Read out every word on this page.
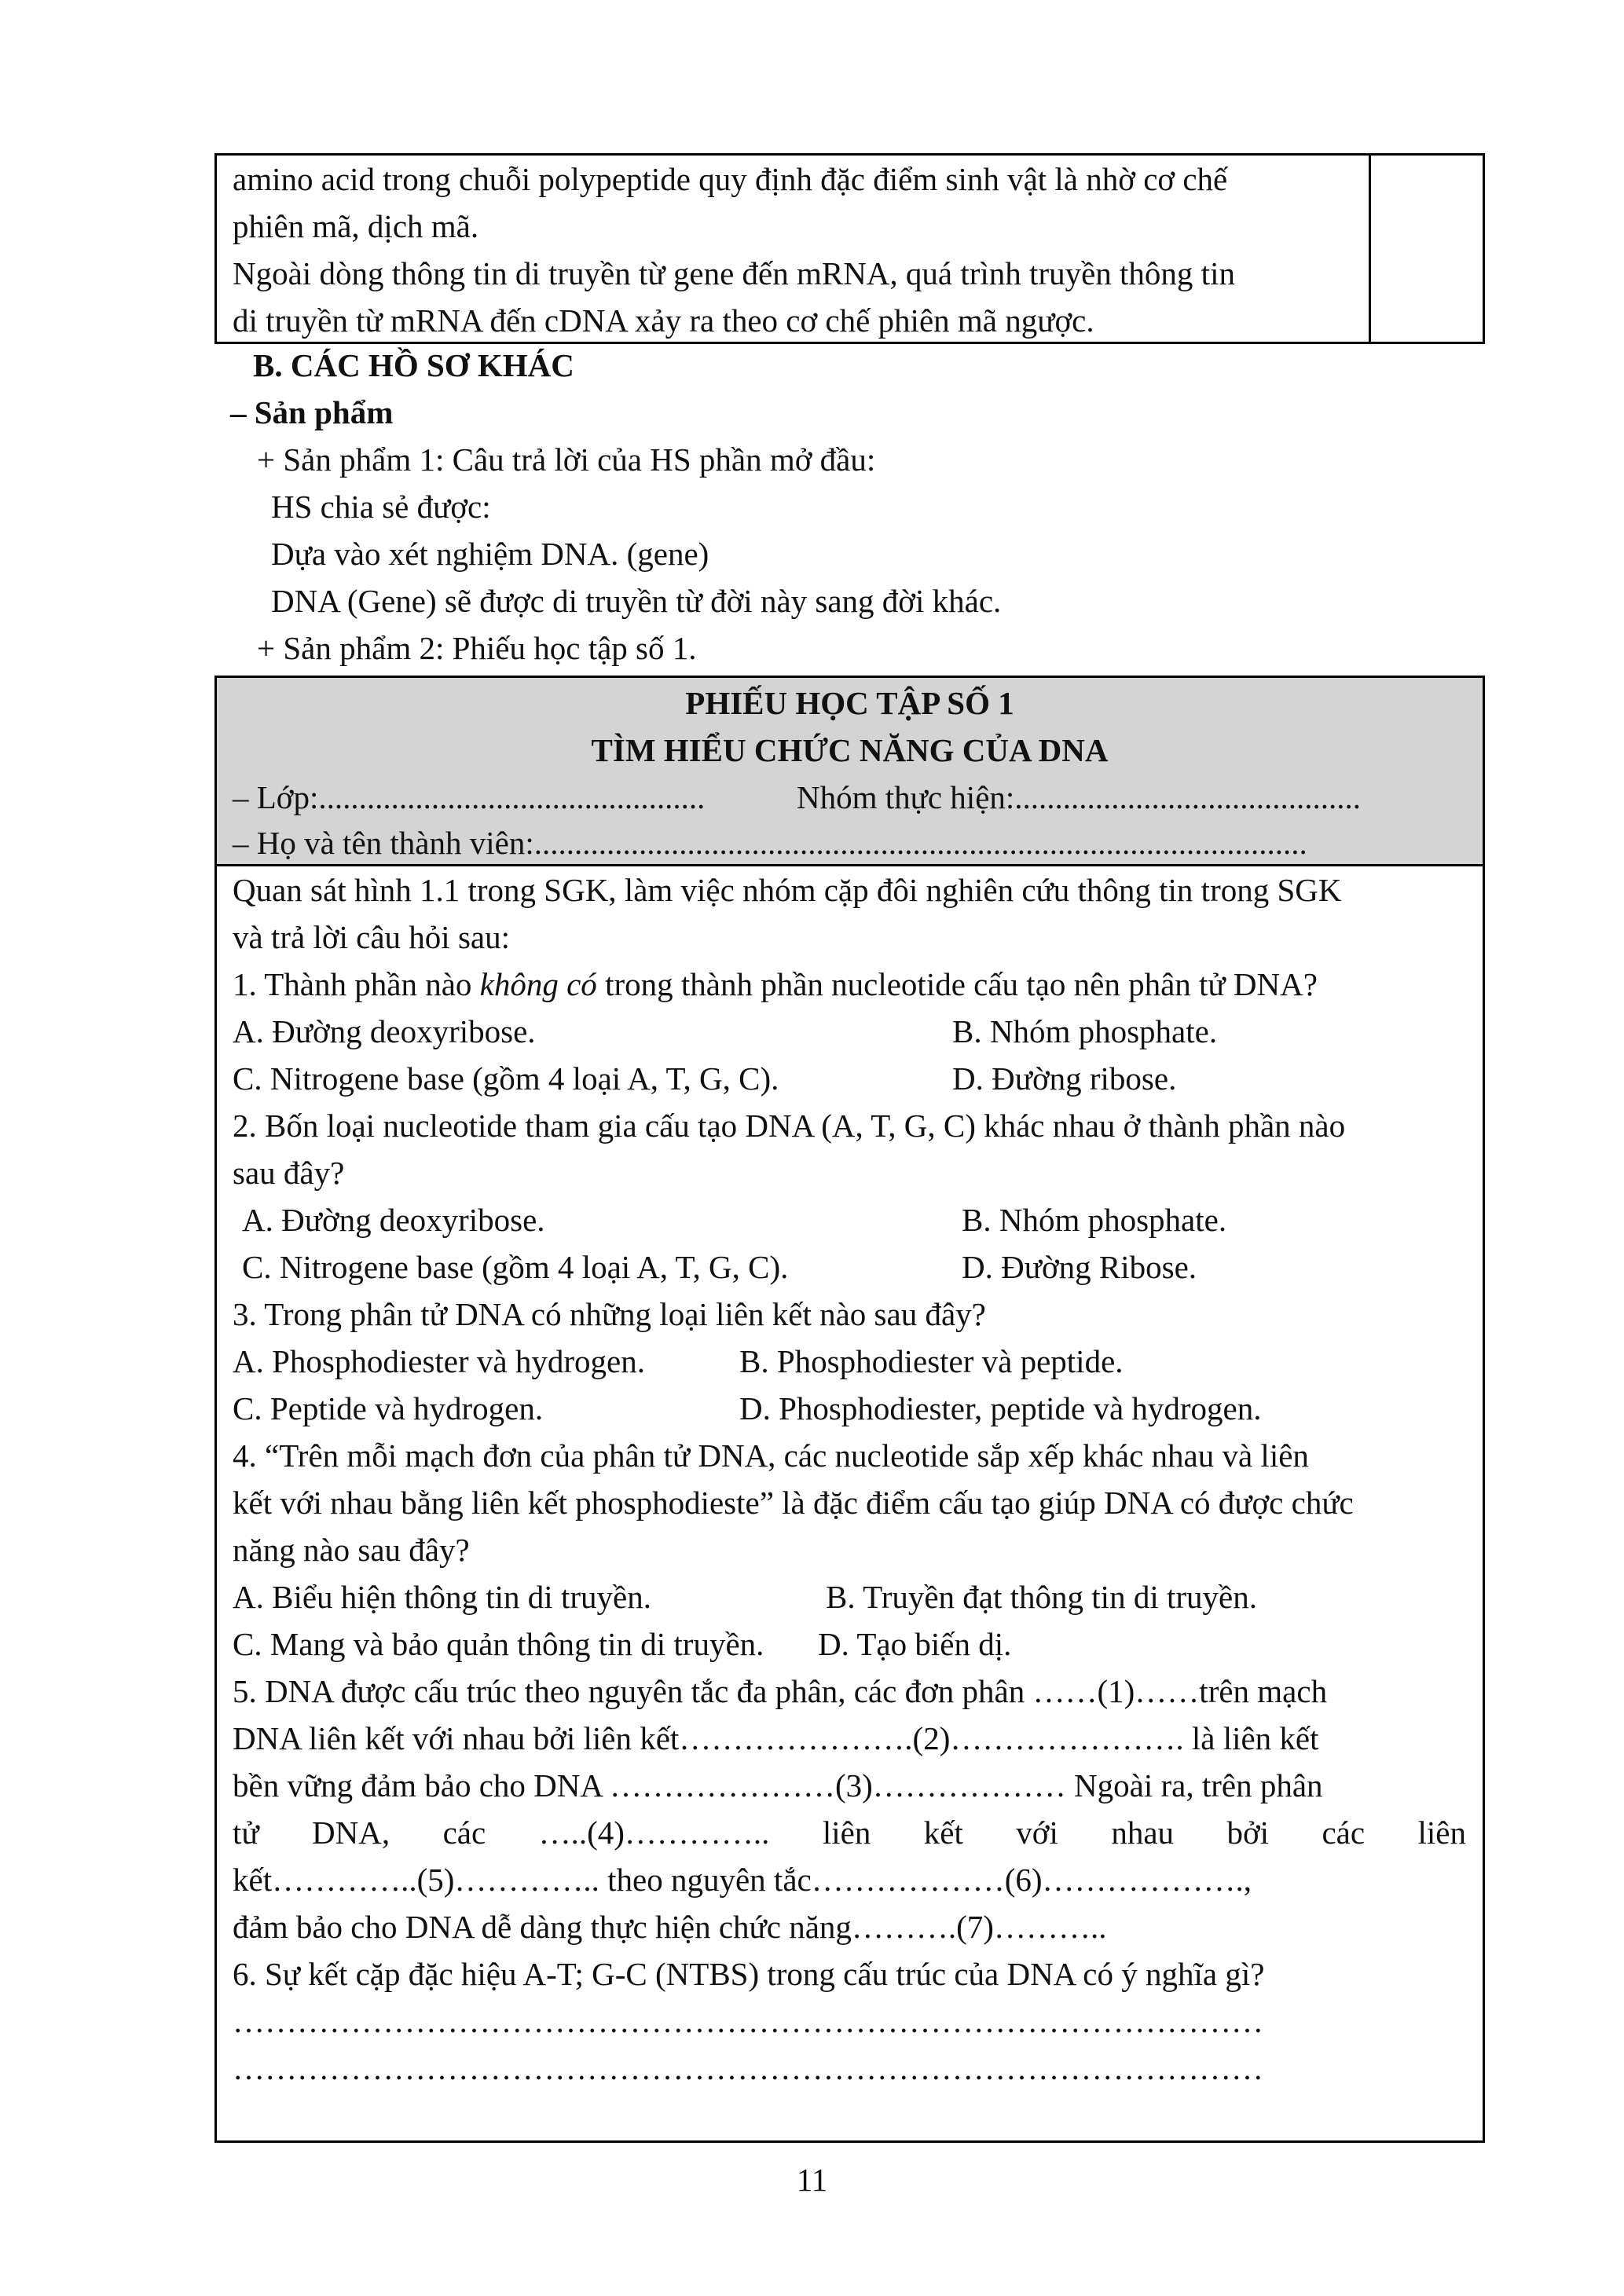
amino acid trong chuỗi polypeptide quy định đặc điểm sinh vật là nhờ cơ chế
phiên mã, dịch mã.
Ngoài dòng thông tin di truyền từ gene đến mRNA, quá trình truyền thông tin
di truyền từ mRNA đến cDNA xảy ra theo cơ chế phiên mã ngược.
B. CÁC HỒ SƠ KHÁC
– Sản phẩm
+ Sản phẩm 1: Câu trả lời của HS phần mở đầu:
HS chia sẻ được:
Dựa vào xét nghiệm DNA. (gene)
DNA (Gene) sẽ được di truyền từ đời này sang đời khác.
+ Sản phẩm 2: Phiếu học tập số 1.
PHIẾU HỌC TẬP SỐ 1
TÌM HIỂU CHỨC NĂNG CỦA DNA
– Lớp:................................................	Nhóm thực hiện:...........................................
– Họ và tên thành viên:................................................................................................
Quan sát hình 1.1 trong SGK, làm việc nhóm cặp đôi nghiên cứu thông tin trong SGK
và trả lời câu hỏi sau:
1. Thành phần nào không có trong thành phần nucleotide cấu tạo nên phân tử DNA?
A. Đường deoxyribose.	B. Nhóm phosphate.
C. Nitrogene base (gồm 4 loại A, T, G, C).	D. Đường ribose.
2. Bốn loại nucleotide tham gia cấu tạo DNA (A, T, G, C) khác nhau ở thành phần nào
sau đây?
A. Đường deoxyribose.	B. Nhóm phosphate.
C. Nitrogene base (gồm 4 loại A, T, G, C).	D. Đường Ribose.
3. Trong phân tử DNA có những loại liên kết nào sau đây?
A. Phosphodiester và hydrogen.	B. Phosphodiester và peptide.
C. Peptide và hydrogen.	D. Phosphodiester, peptide và hydrogen.
4. “Trên mỗi mạch đơn của phân tử DNA, các nucleotide sắp xếp khác nhau và liên
kết với nhau bằng liên kết phosphodieste” là đặc điểm cấu tạo giúp DNA có được chức
năng nào sau đây?
A. Biểu hiện thông tin di truyền.	B. Truyền đạt thông tin di truyền.
C. Mang và bảo quản thông tin di truyền. D. Tạo biến dị.
5. DNA được cấu trúc theo nguyên tắc đa phân, các đơn phân ……(1)……trên mạch
DNA liên kết với nhau bởi liên kết………………….(2)…………………. là liên kết
bền vững đảm bảo cho DNA …………………(3)……………… Ngoài ra, trên phân
tử DNA, các …..(4)………….. liên kết với nhau bởi các liên
kết…………..(5)………….. theo nguyên tắc………………(6)……………….,
đảm bảo cho DNA dễ dàng thực hiện chức năng……….(7)………..
6. Sự kết cặp đặc hiệu A-T; G-C (NTBS) trong cấu trúc của DNA có ý nghĩa gì?
……………………………………………………………………………………
……………………………………………………………………………………
11
